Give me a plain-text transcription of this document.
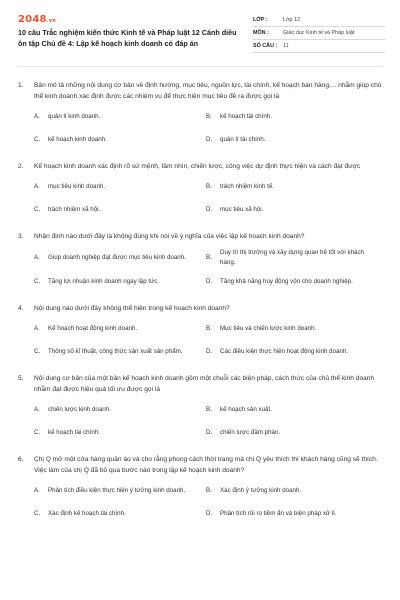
2048.vn
10 câu Trắc nghiệm kiến thức Kinh tế và Pháp luật 12 Cánh diều ôn tập Chủ đề 4: Lập kế hoạch kinh doanh có đáp án
LỚP :	Lớp 12
MÔN :	Giáo dục Kinh tế và Pháp luật
SỐ CÂU :	11
1.	Bản mô tả những nội dung cơ bản về định hướng, mục tiêu, nguồn lực, tài chính, kế hoạch bán hàng,... nhằm giúp chủ thể kinh doanh xác định được các nhiệm vụ để thực hiện mục tiêu đề ra được gọi là
A.	quản lí kinh doanh.	B.	kế hoạch tài chính.
C.	kế hoạch kinh doanh.	D.	quản lí tài chính.
2.	Kế hoạch kinh doanh xác định rõ sứ mệnh, tầm nhìn, chiến lược, công việc dự định thực hiện và cách đạt được
A.	mục tiêu kinh doanh.	B.	trách nhiệm kinh tế.
C.	trách nhiệm xã hội.	D.	mục tiêu xã hội.
3.	Nhận định nào dưới đây là không đúng khi nói về ý nghĩa của việc lập kế hoạch kinh doanh?
A.	Giúp doanh nghiệp đạt được mục tiêu kinh doanh.	B.
Duy trì thị trường và xây dựng quan hệ tốt với khách hàng.
C.	Tăng lợi nhuận kinh doanh ngay lập tức.	D.	Tăng khả năng huy động vốn cho doanh nghiệp.
4.	Nội dung nào dưới đây không thể hiện trong kế hoạch kinh doanh?
A.	Kế hoạch hoạt động kinh doanh.	B.	Mục tiêu và chiến lược kinh doanh.
C.	Thông số kĩ thuật, công thức sản xuất sản phẩm.	D.	Các điều kiện thực hiện hoạt động kinh doanh.
5.	Nội dung cơ bản của một bản kế hoạch kinh doanh gồm một chuỗi các biện pháp, cách thức của chủ thể kinh doanh nhằm đạt được hiệu quả tối ưu được gọi là
A.	chiến lược kinh doanh.	B.	kế hoạch sản xuất.
C.	kế hoạch tài chính.	D.	chiến lược đàm phán.
6.	Chị Q mở một cửa hàng quần áo và cho rằng phong cách thời trang mà chị Q yêu thích thì khách hàng cũng sẽ thích. Việc làm của chị Q đã bỏ qua bước nào trong lập kế hoạch kinh doanh?
A.	Phân tích điều kiện thực hiện ý tưởng kinh doanh.	B.	Xác định ý tưởng kinh doanh.
C.	Xác định kế hoạch tài chính.	D.	Phân tích rủi ro tiềm ẩn và biện pháp xử lí.
